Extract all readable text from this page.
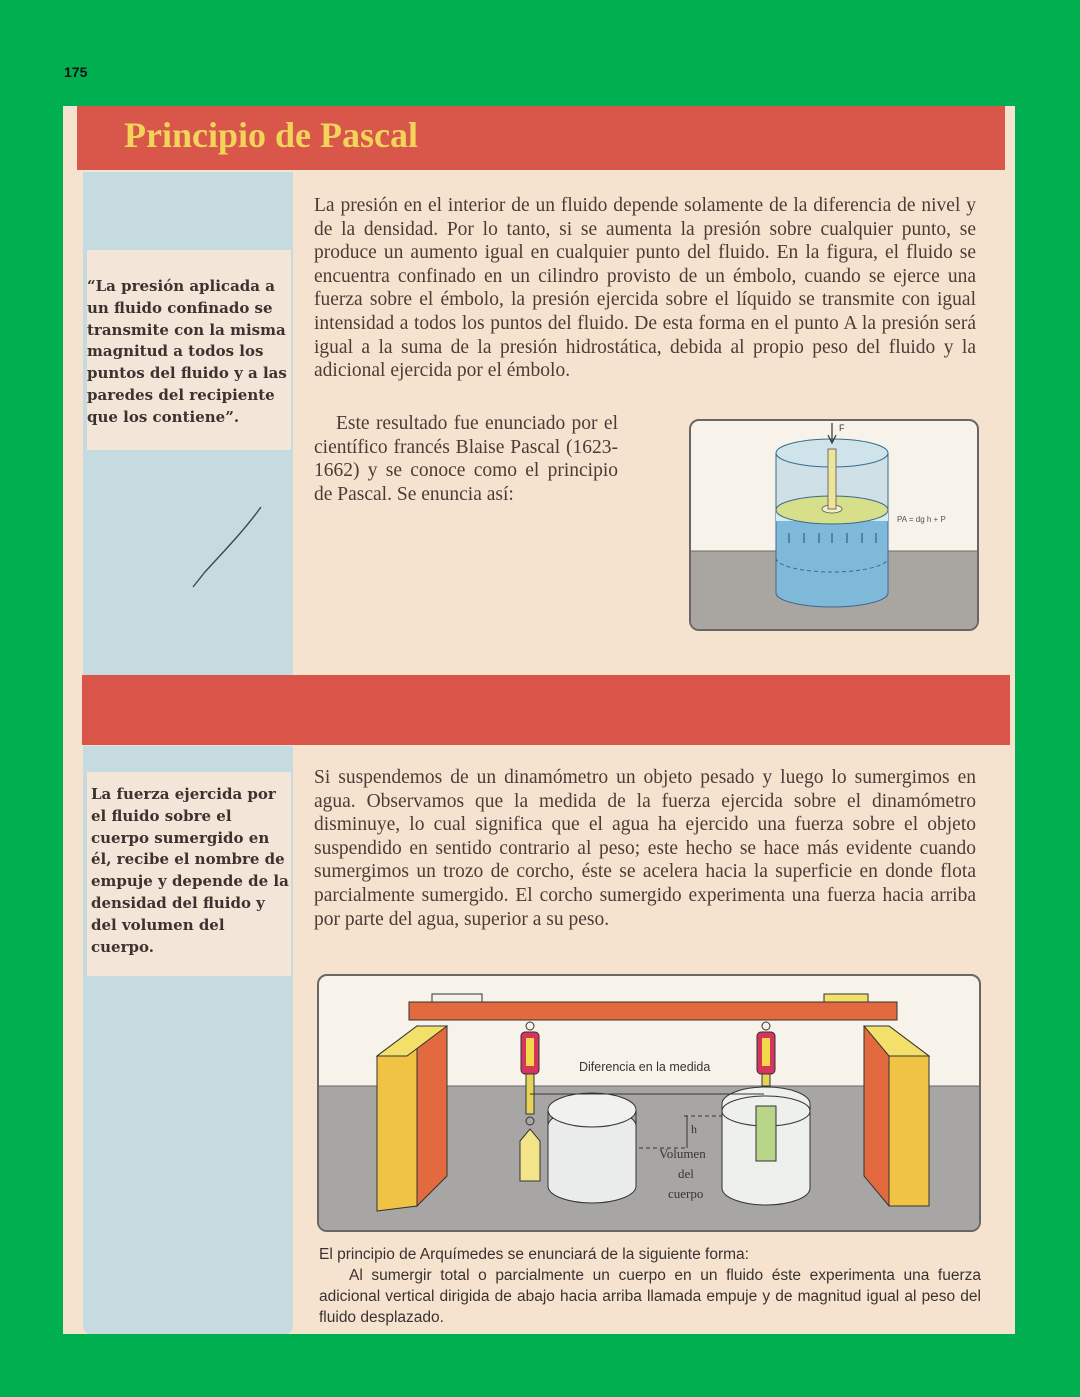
175
Principio de Pascal

“La presión aplicada a un fluido confinado se transmite con la misma magnitud a todos los puntos del fluido y a las paredes del recipiente que los contiene”.

La presión en el interior de un fluido depende solamente de la diferencia de nivel y de la densidad. Por lo tanto, si se aumenta la presión sobre cualquier punto, se produce un aumento igual en cualquier punto del fluido. En la figura, el fluido se encuentra confinado en un cilindro provisto de un émbolo, cuando se ejerce una fuerza sobre el émbolo, la presión ejercida sobre el líquido se transmite con igual intensidad a todos los puntos del fluido. De esta forma en el punto A la presión será igual a la suma de la presión hidrostática, debida al propio peso del fluido y la adicional ejercida por el émbolo.
Este resultado fue enunciado por el científico francés Blaise Pascal (1623-1662) y se conoce como el principio de Pascal. Se enuncia así:
F
PA = dg h + P

La fuerza ejercida por el fluido sobre el cuerpo sumergido en él, recibe el nombre de empuje y depende de la densidad del fluido y del volumen del cuerpo.

Si suspendemos de un dinamómetro un objeto pesado y luego lo sumergimos en agua. Observamos que la medida de la fuerza ejercida sobre el dinamómetro disminuye, lo cual significa que el agua ha ejercido una fuerza sobre el objeto suspendido en sentido contrario al peso; este hecho se hace más evidente cuando sumergimos un trozo de corcho, éste se acelera hacia la superficie en donde flota parcialmente sumergido. El corcho sumergido experimenta una fuerza hacia arriba por parte del agua, superior a su peso.
Diferencia en la medida
h
Volumen
del
cuerpo
El principio de Arquímedes se enunciará de la siguiente forma:
Al sumergir total o parcialmente un cuerpo en un fluido éste experimenta una fuerza adicional vertical dirigida de abajo hacia arriba llamada empuje y de magnitud igual al peso del fluido desplazado.
